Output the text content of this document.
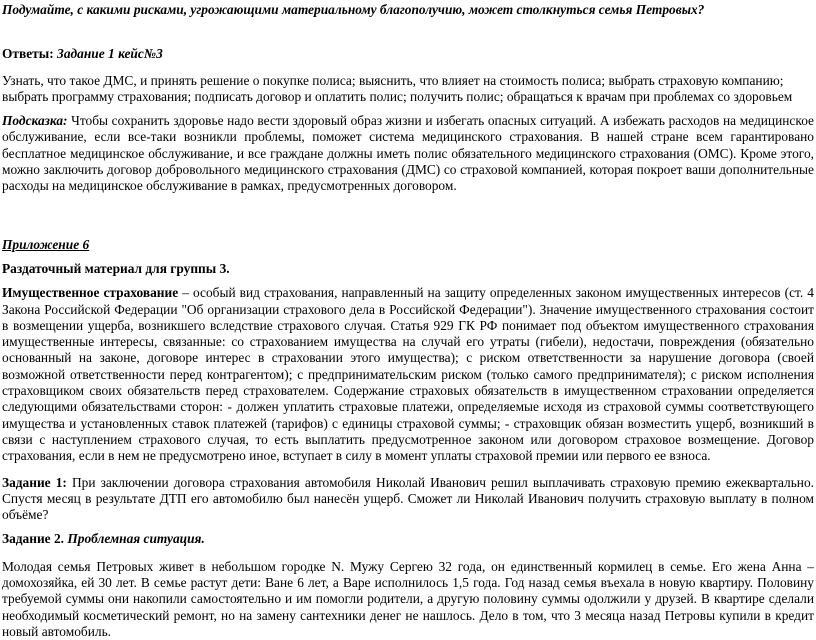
Подумайте, с какими рисками, угрожающими материальному благополучию, может столкнуться семья Петровых?

Ответы: Задание 1 кейс№3

Узнать, что такое ДМС, и принять решение о покупке полиса; выяснить, что влияет на стоимость полиса; выбрать страховую компанию; выбрать программу страхования; подписать договор и оплатить полис; получить полис; обращаться к врачам при проблемах со здоровьем

Подсказка: Чтобы сохранить здоровье надо вести здоровый образ жизни и избегать опасных ситуаций. А избежать расходов на медицинское обслуживание, если все-таки возникли проблемы, поможет система медицинского страхования. В нашей стране всем гарантировано бесплатное медицинское обслуживание, и все граждане должны иметь полис обязательного медицинского страхования (ОМС). Кроме этого, можно заключить договор добровольного медицинского страхования (ДМС) со страховой компанией, которая покроет ваши дополнительные расходы на медицинское обслуживание в рамках, предусмотренных договором.

Приложение 6

Раздаточный материал для группы 3.

Имущественное страхование – особый вид страхования, направленный на защиту определенных законом имущественных интересов (ст. 4 Закона Российской Федерации "Об организации страхового дела в Российской Федерации"). Значение имущественного страхования состоит в возмещении ущерба, возникшего вследствие страхового случая. Статья 929 ГК РФ понимает под объектом имущественного страхования имущественные интересы, связанные: со страхованием имущества на случай его утраты (гибели), недостачи, повреждения (обязательно основанный на законе, договоре интерес в страховании этого имущества); с риском ответственности за нарушение договора (своей возможной ответственности перед контрагентом); с предпринимательским риском (только самого предпринимателя); с риском исполнения страховщиком своих обязательств перед страхователем. Содержание страховых обязательств в имущественном страховании определяется следующими обязательствами сторон: - должен уплатить страховые платежи, определяемые исходя из страховой суммы соответствующего имущества и установленных ставок платежей (тарифов) с единицы страховой суммы; - страховщик обязан возместить ущерб, возникший в связи с наступлением страхового случая, то есть выплатить предусмотренное законом или договором страховое возмещение. Договор страхования, если в нем не предусмотрено иное, вступает в силу в момент уплаты страховой премии или первого ее взноса.

Задание 1: При заключении договора страхования автомобиля Николай Иванович решил выплачивать страховую премию ежеквартально. Спустя месяц в результате ДТП его автомобилю был нанесён ущерб. Сможет ли Николай Иванович получить страховую выплату в полном объёме?

Задание 2. Проблемная ситуация.

Молодая семья Петровых живет в небольшом городке N. Мужу Сергею 32 года, он единственный кормилец в семье. Его жена Анна – домохозяйка, ей 30 лет. В семье растут дети: Ване 6 лет, а Варе исполнилось 1,5 года. Год назад семья въехала в новую квартиру. Половину требуемой суммы они накопили самостоятельно и им помогли родители, а другую половину суммы одолжили у друзей. В квартире сделали необходимый косметический ремонт, но на замену сантехники денег не нашлось. Дело в том, что 3 месяца назад Петровы купили в кредит новый автомобиль.
